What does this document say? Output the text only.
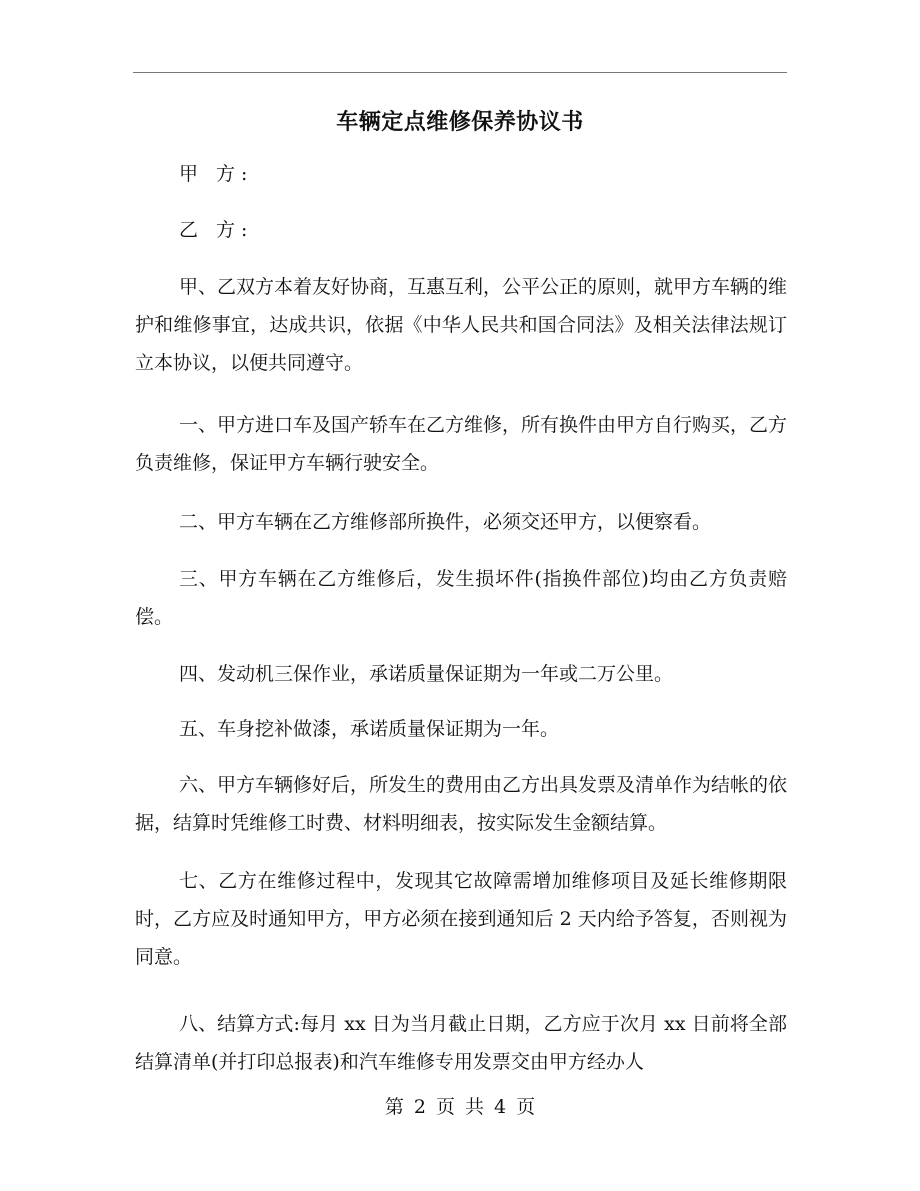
车辆定点维修保养协议书

甲 方:

乙 方:

甲、乙双方本着友好协商，互惠互利，公平公正的原则，就甲方车辆的维护和维修事宜，达成共识，依据《中华人民共和国合同法》及相关法律法规订立本协议，以便共同遵守。

一、甲方进口车及国产轿车在乙方维修，所有换件由甲方自行购买，乙方负责维修，保证甲方车辆行驶安全。

二、甲方车辆在乙方维修部所换件，必须交还甲方，以便察看。

三、甲方车辆在乙方维修后，发生损坏件(指换件部位)均由乙方负责赔偿。

四、发动机三保作业，承诺质量保证期为一年或二万公里。

五、车身挖补做漆，承诺质量保证期为一年。

六、甲方车辆修好后，所发生的费用由乙方出具发票及清单作为结帐的依据，结算时凭维修工时费、材料明细表，按实际发生金额结算。

七、乙方在维修过程中，发现其它故障需增加维修项目及延长维修期限时，乙方应及时通知甲方，甲方必须在接到通知后 2 天内给予答复，否则视为同意。

八、结算方式:每月 xx 日为当月截止日期，乙方应于次月 xx 日前将全部结算清单(并打印总报表)和汽车维修专用发票交由甲方经办人

第 2 页 共 4 页
